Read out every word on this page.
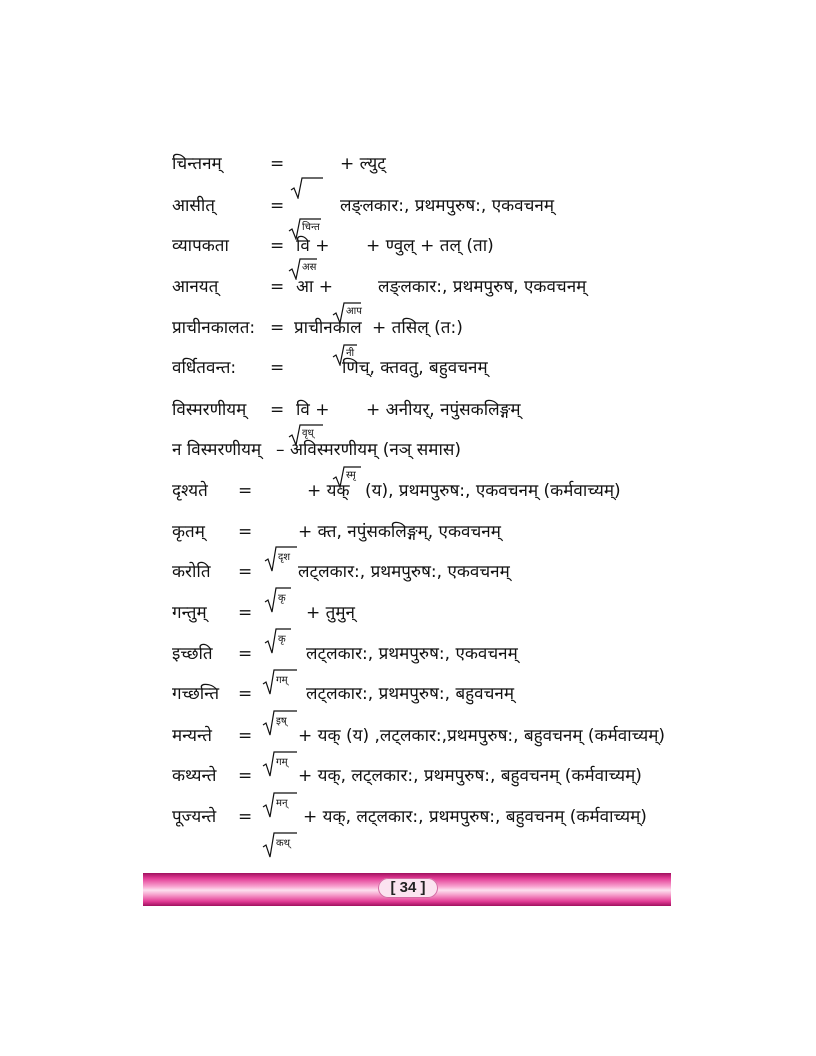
चिन्तनम्
आसीत्
व्यापकता
आनयत्
प्राचीनकालत:
वर्धितवन्त:
विस्मरणीयम्
न विस्मरणीयम्
दृश्यते
कृतम्
करोति
गन्तुम्
इच्छति
गच्छन्ति
मन्यन्ते
कथ्यन्ते
पूज्यन्ते
=
=
=
=
=
=
=
–
=
=
=
=
=
=
=
=
=
वि +
आ +
प्राचीनकाल
वि +
+ यक्
+ ल्युट्
लङ्लकार:, प्रथमपुरुष:, एकवचनम्
+ ण्वुल् + तल् (ता)
लङ्लकार:, प्रथमपुरुष, एकवचनम्
+ तसिल् (त:)
णिच्, क्तवतु, बहुवचनम्
+ अनीयर्, नपुंसकलिङ्गम्
अविस्मरणीयम् (नञ् समास)
(य), प्रथमपुरुष:, एकवचनम् (कर्मवाच्यम्)
+ क्त, नपुंसकलिङ्गम्, एकवचनम्
लट्लकार:, प्रथमपुरुष:, एकवचनम्
+ तुमुन्
लट्लकार:, प्रथमपुरुष:, एकवचनम्
लट्लकार:, प्रथमपुरुष:, बहुवचनम्
+ यक् (य) ,लट्लकार:,प्रथमपुरुष:, बहुवचनम् (कर्मवाच्यम्)
+ यक्, लट्लकार:, प्रथमपुरुष:, बहुवचनम् (कर्मवाच्यम्)
+ यक्, लट्लकार:, प्रथमपुरुष:, बहुवचनम् (कर्मवाच्यम्)
चिन्त
अस
आप
नी
वृध्
स्मृ
दृश
कृ
कृ
गम्
इष्
गम्
मन्
कथ्
[ 34 ]
